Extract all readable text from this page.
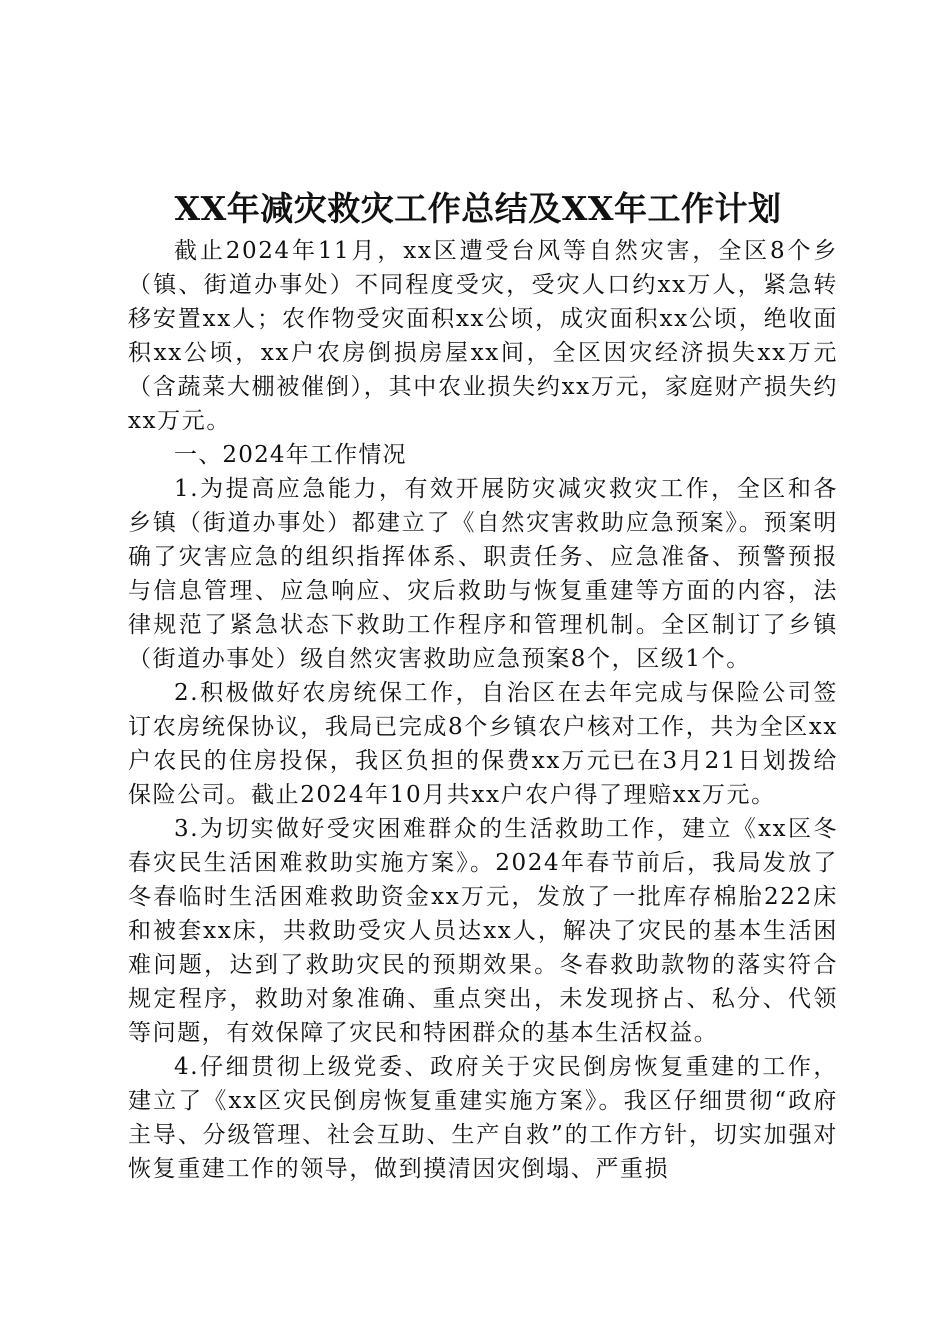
XX年减灾救灾工作总结及XX年工作计划

截止2024年11月，xx区遭受台风等自然灾害，全区8个乡（镇、街道办事处）不同程度受灾，受灾人口约xx万人，紧急转移安置xx人；农作物受灾面积xx公顷，成灾面积xx公顷，绝收面积xx公顷，xx户农房倒损房屋xx间，全区因灾经济损失xx万元（含蔬菜大棚被催倒），其中农业损失约xx万元，家庭财产损失约xx万元。

一、2024年工作情况

1.为提高应急能力，有效开展防灾减灾救灾工作，全区和各乡镇（街道办事处）都建立了《自然灾害救助应急预案》。预案明确了灾害应急的组织指挥体系、职责任务、应急准备、预警预报与信息管理、应急响应、灾后救助与恢复重建等方面的内容，法律规范了紧急状态下救助工作程序和管理机制。全区制订了乡镇（街道办事处）级自然灾害救助应急预案8个，区级1个。

2.积极做好农房统保工作，自治区在去年完成与保险公司签订农房统保协议，我局已完成8个乡镇农户核对工作，共为全区xx户农民的住房投保，我区负担的保费xx万元已在3月21日划拨给保险公司。截止2024年10月共xx户农户得了理赔xx万元。

3.为切实做好受灾困难群众的生活救助工作，建立《xx区冬春灾民生活困难救助实施方案》。2024年春节前后，我局发放了冬春临时生活困难救助资金xx万元，发放了一批库存棉胎222床和被套xx床，共救助受灾人员达xx人，解决了灾民的基本生活困难问题，达到了救助灾民的预期效果。冬春救助款物的落实符合规定程序，救助对象准确、重点突出，未发现挤占、私分、代领等问题，有效保障了灾民和特困群众的基本生活权益。

4.仔细贯彻上级党委、政府关于灾民倒房恢复重建的工作，建立了《xx区灾民倒房恢复重建实施方案》。我区仔细贯彻“政府主导、分级管理、社会互助、生产自救”的工作方针，切实加强对恢复重建工作的领导，做到摸清因灾倒塌、严重损
